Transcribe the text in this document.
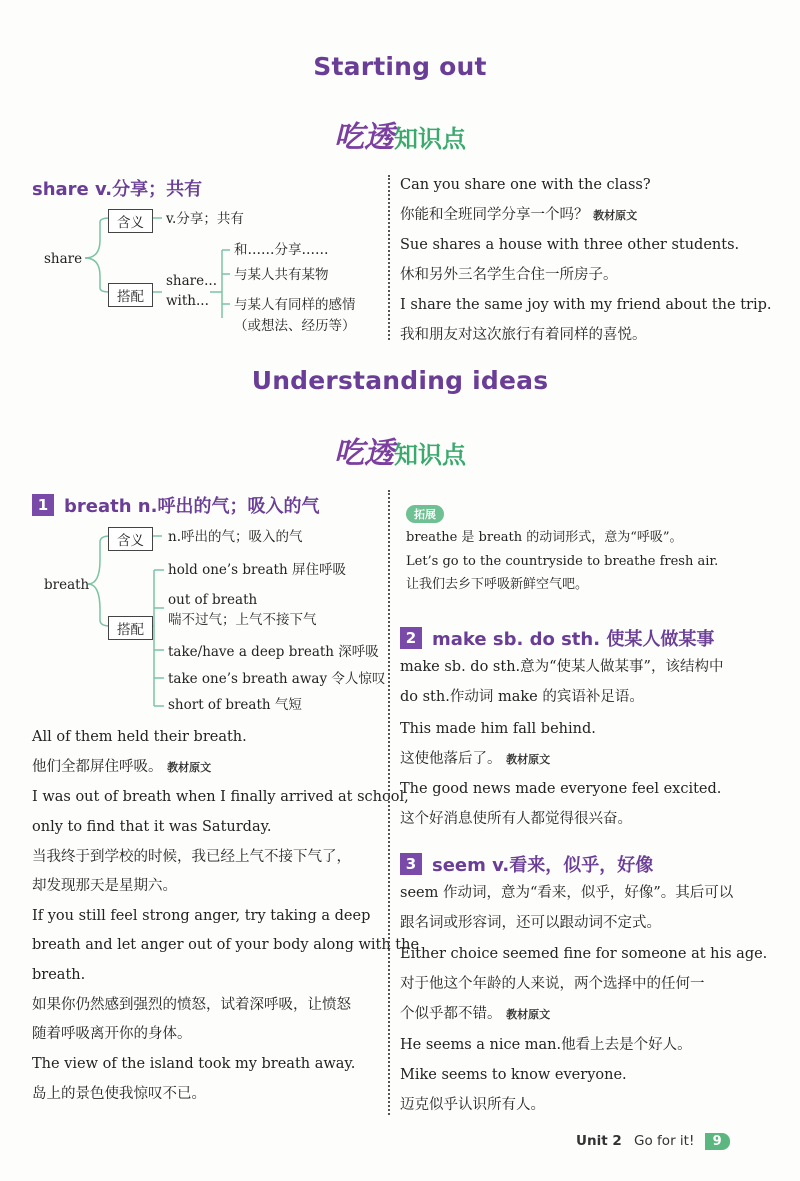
Starting out
吃透知识点
share v.分享；共有
share
含义	v.分享；共有
搭配
share...
with...
和……分享……
与某人共有某物
与某人有同样的感情
（或想法、经历等）
Can you share one with the class?
你能和全班同学分享一个吗？ 教材原文
Sue shares a house with three other students.
休和另外三名学生合住一所房子。
I share the same joy with my friend about the trip.
我和朋友对这次旅行有着同样的喜悦。
Understanding ideas
吃透知识点
1 breath n.呼出的气；吸入的气
breath
含义	n.呼出的气；吸入的气
搭配
hold one’s breath 屏住呼吸
out of breath
喘不过气；上气不接下气
take/have a deep breath 深呼吸
take one’s breath away 令人惊叹
short of breath 气短
All of them held their breath.
他们全都屏住呼吸。 教材原文
I was out of breath when I finally arrived at school,
only to find that it was Saturday.
当我终于到学校的时候，我已经上气不接下气了，
却发现那天是星期六。
If you still feel strong anger, try taking a deep
breath and let anger out of your body along with the
breath.
如果你仍然感到强烈的愤怒，试着深呼吸，让愤怒
随着呼吸离开你的身体。
The view of the island took my breath away.
岛上的景色使我惊叹不已。
拓展
breathe 是 breath 的动词形式，意为“呼吸”。
Let’s go to the countryside to breathe fresh air.
让我们去乡下呼吸新鲜空气吧。
2 make sb. do sth. 使某人做某事
make sb. do sth.意为“使某人做某事”，该结构中
do sth.作动词 make 的宾语补足语。
This made him fall behind.
这使他落后了。 教材原文
The good news made everyone feel excited.
这个好消息使所有人都觉得很兴奋。
3 seem v.看来，似乎，好像
seem 作动词，意为“看来，似乎，好像”。其后可以
跟名词或形容词，还可以跟动词不定式。
Either choice seemed fine for someone at his age.
对于他这个年龄的人来说，两个选择中的任何一
个似乎都不错。 教材原文
He seems a nice man.他看上去是个好人。
Mike seems to know everyone.
迈克似乎认识所有人。
Unit 2 Go for it! 9
